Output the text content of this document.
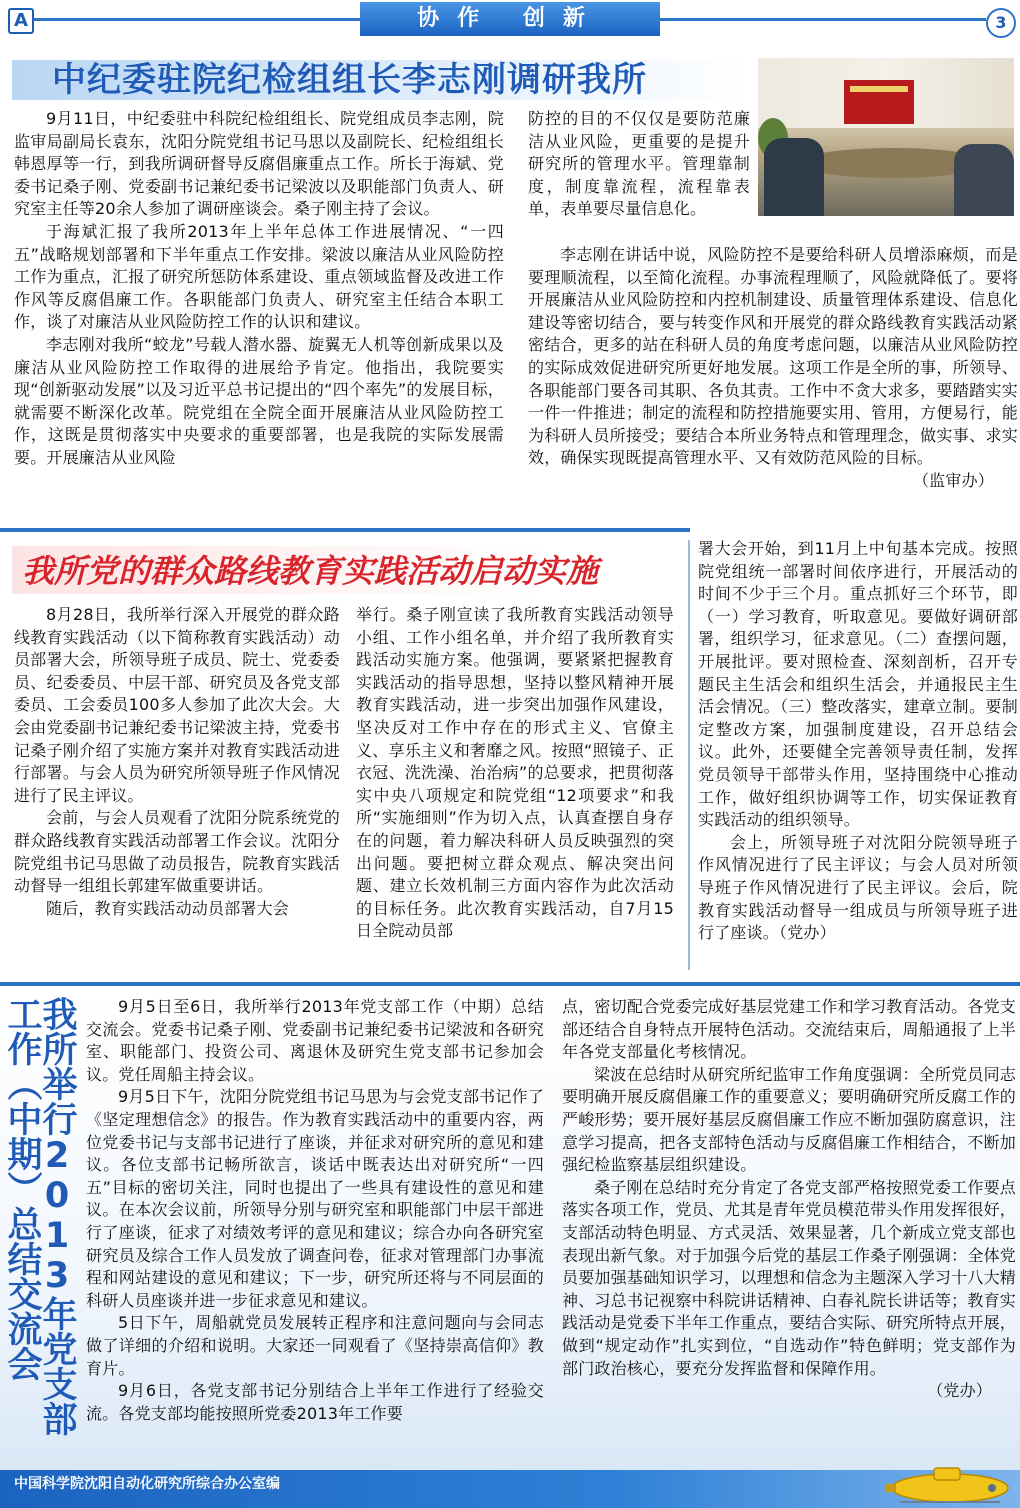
A	协作 创新	3
中纪委驻院纪检组组长李志刚调研我所

9月11日，中纪委驻中科院纪检组组长、院党组成员李志刚，院监审局副局长袁东，沈阳分院党组书记马思以及副院长、纪检组组长韩恩厚等一行，到我所调研督导反腐倡廉重点工作。所长于海斌、党委书记桑子刚、党委副书记兼纪委书记梁波以及职能部门负责人、研究室主任等20余人参加了调研座谈会。桑子刚主持了会议。

于海斌汇报了我所2013年上半年总体工作进展情况、“一四五”战略规划部署和下半年重点工作安排。梁波以廉洁从业风险防控工作为重点，汇报了研究所惩防体系建设、重点领域监督及改进工作作风等反腐倡廉工作。各职能部门负责人、研究室主任结合本职工作，谈了对廉洁从业风险防控工作的认识和建议。

李志刚对我所“蛟龙”号载人潜水器、旋翼无人机等创新成果以及廉洁从业风险防控工作取得的进展给予肯定。他指出，我院要实现“创新驱动发展”以及习近平总书记提出的“四个率先”的发展目标，就需要不断深化改革。院党组在全院全面开展廉洁从业风险防控工作，这既是贯彻落实中央要求的重要部署，也是我院的实际发展需要。开展廉洁从业风险

防控的目的不仅仅是要防范廉洁从业风险，更重要的是提升研究所的管理水平。管理靠制度，制度靠流程，流程靠表单，表单要尽量信息化。

李志刚在讲话中说，风险防控不是要给科研人员增添麻烦，而是要理顺流程，以至简化流程。办事流程理顺了，风险就降低了。要将开展廉洁从业风险防控和内控机制建设、质量管理体系建设、信息化建设等密切结合，要与转变作风和开展党的群众路线教育实践活动紧密结合，更多的站在科研人员的角度考虑问题，以廉洁从业风险防控的实际成效促进研究所更好地发展。这项工作是全所的事，所领导、各职能部门要各司其职、各负其责。工作中不贪大求多，要踏踏实实一件一件推进；制定的流程和防控措施要实用、管用，方便易行，能为科研人员所接受；要结合本所业务特点和管理理念，做实事、求实效，确保实现既提高管理水平、又有效防范风险的目标。

（监审办）

我所党的群众路线教育实践活动启动实施

8月28日，我所举行深入开展党的群众路线教育实践活动（以下简称教育实践活动）动员部署大会，所领导班子成员、院士、党委委员、纪委委员、中层干部、研究员及各党支部委员、工会委员100多人参加了此次大会。大会由党委副书记兼纪委书记梁波主持，党委书记桑子刚介绍了实施方案并对教育实践活动进行部署。与会人员为研究所领导班子作风情况进行了民主评议。

会前，与会人员观看了沈阳分院系统党的群众路线教育实践活动部署工作会议。沈阳分院党组书记马思做了动员报告，院教育实践活动督导一组组长郭建军做重要讲话。

随后，教育实践活动动员部署大会

举行。桑子刚宣读了我所教育实践活动领导小组、工作小组名单，并介绍了我所教育实践活动实施方案。他强调，要紧紧把握教育实践活动的指导思想，坚持以整风精神开展教育实践活动，进一步突出加强作风建设，坚决反对工作中存在的形式主义、官僚主义、享乐主义和奢靡之风。按照“照镜子、正衣冠、洗洗澡、治治病”的总要求，把贯彻落实中央八项规定和院党组“12项要求”和我所“实施细则”作为切入点，认真查摆自身存在的问题，着力解决科研人员反映强烈的突出问题。要把树立群众观点、解决突出问题、建立长效机制三方面内容作为此次活动的目标任务。此次教育实践活动，自7月15日全院动员部

署大会开始，到11月上中旬基本完成。按照院党组统一部署时间依序进行，开展活动的时间不少于三个月。重点抓好三个环节，即（一）学习教育，听取意见。要做好调研部署，组织学习，征求意见。（二）查摆问题，开展批评。要对照检查、深刻剖析，召开专题民主生活会和组织生活会，并通报民主生活会情况。（三）整改落实，建章立制。要制定整改方案，加强制度建设，召开总结会议。此外，还要健全完善领导责任制，发挥党员领导干部带头作用，坚持围绕中心推动工作，做好组织协调等工作，切实保证教育实践活动的组织领导。

会上，所领导班子对沈阳分院领导班子作风情况进行了民主评议；与会人员对所领导班子作风情况进行了民主评议。会后，院教育实践活动督导一组成员与所领导班子进行了座谈。（党办）

我所举行2013年党支部工作（中期）总结交流会	9月5日至6日，我所举行2013年党支部工作（中期）总结交流会。党委书记桑子刚、党委副书记兼纪委书记梁波和各研究室、职能部门、投资公司、离退休及研究生党支部书记参加会议。党任周船主持会议。

9月5日下午，沈阳分院党组书记马思为与会党支部书记作了《坚定理想信念》的报告。作为教育实践活动中的重要内容，两位党委书记与支部书记进行了座谈，并征求对研究所的意见和建议。各位支部书记畅所欲言，谈话中既表达出对研究所“一四五”目标的密切关注，同时也提出了一些具有建设性的意见和建议。在本次会议前，所领导分别与研究室和职能部门中层干部进行了座谈，征求了对绩效考评的意见和建议；综合办向各研究室研究员及综合工作人员发放了调查问卷，征求对管理部门办事流程和网站建设的意见和建议；下一步，研究所还将与不同层面的科研人员座谈并进一步征求意见和建议。

5日下午，周船就党员发展转正程序和注意问题向与会同志做了详细的介绍和说明。大家还一同观看了《坚持崇高信仰》教育片。

9月6日，各党支部书记分别结合上半年工作进行了经验交流。各党支部均能按照所党委2013年工作要

点，密切配合党委完成好基层党建工作和学习教育活动。各党支部还结合自身特点开展特色活动。交流结束后，周船通报了上半年各党支部量化考核情况。

梁波在总结时从研究所纪监审工作角度强调：全所党员同志要明确开展反腐倡廉工作的重要意义；要明确研究所反腐工作的严峻形势；要开展好基层反腐倡廉工作应不断加强防腐意识，注意学习提高，把各支部特色活动与反腐倡廉工作相结合，不断加强纪检监察基层组织建设。

桑子刚在总结时充分肯定了各党支部严格按照党委工作要点落实各项工作，党员、尤其是青年党员模范带头作用发挥很好，支部活动特色明显、方式灵活、效果显著，几个新成立党支部也表现出新气象。对于加强今后党的基层工作桑子刚强调：全体党员要加强基础知识学习，以理想和信念为主题深入学习十八大精神、习总书记视察中科院讲话精神、白春礼院长讲话等；教育实践活动是党委下半年工作重点，要结合实际、研究所特点开展，做到“规定动作”扎实到位，“自选动作”特色鲜明；党支部作为部门政治核心，要充分发挥监督和保障作用。

（党办）

中国科学院沈阳自动化研究所综合办公室编
